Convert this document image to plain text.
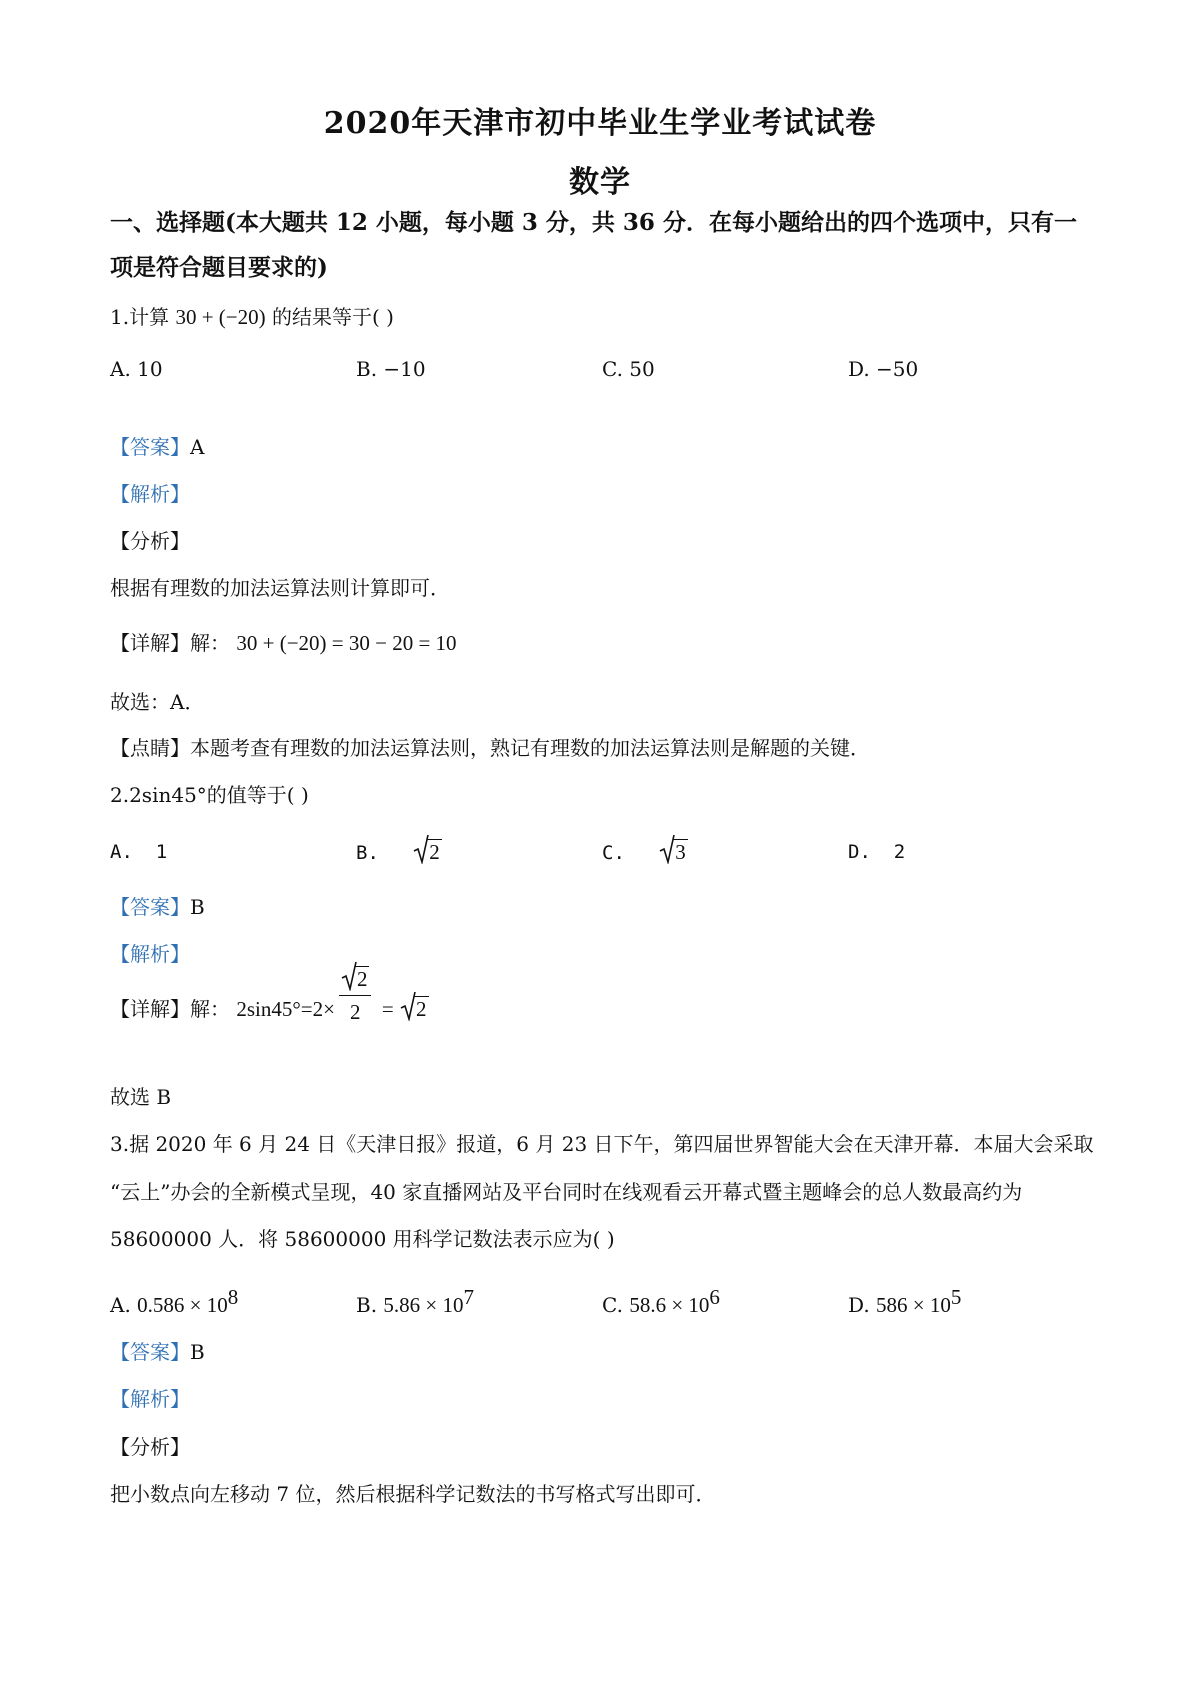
2020年天津市初中毕业生学业考试试卷
数学
一、选择题(本大题共 12 小题，每小题 3 分，共 36 分．在每小题给出的四个选项中，只有一
项是符合题目要求的)
1.计算 30 + (−20) 的结果等于( )
A. 10	B. −10	C. 50	D. −50
【答案】A
【解析】
【分析】
根据有理数的加法运算法则计算即可．
【详解】解： 30 + (−20) = 30 − 20 = 10
故选：A．
【点睛】本题考查有理数的加法运算法则，熟记有理数的加法运算法则是解题的关键．
2.2sin45°的值等于( )
A. 1	B. 2	C. 3	D. 2
【答案】B
【解析】
【详解】解： $2\sin 45^\circ=2\times \frac{2}{2} = 2$
故选 B
3.据 2020 年 6 月 24 日《天津日报》报道，6 月 23 日下午，第四届世界智能大会在天津开幕．本届大会采取
“云上”办会的全新模式呈现，40 家直播网站及平台同时在线观看云开幕式暨主题峰会的总人数最高约为
58600000 人．将 58600000 用科学记数法表示应为( )
A. $0.586 \times 10^8$	B. $5.86 \times 10^7$	C. $58.6 \times 10^6$	D. $586 \times 10^5$
【答案】B
【解析】
【分析】
把小数点向左移动 7 位，然后根据科学记数法的书写格式写出即可．
